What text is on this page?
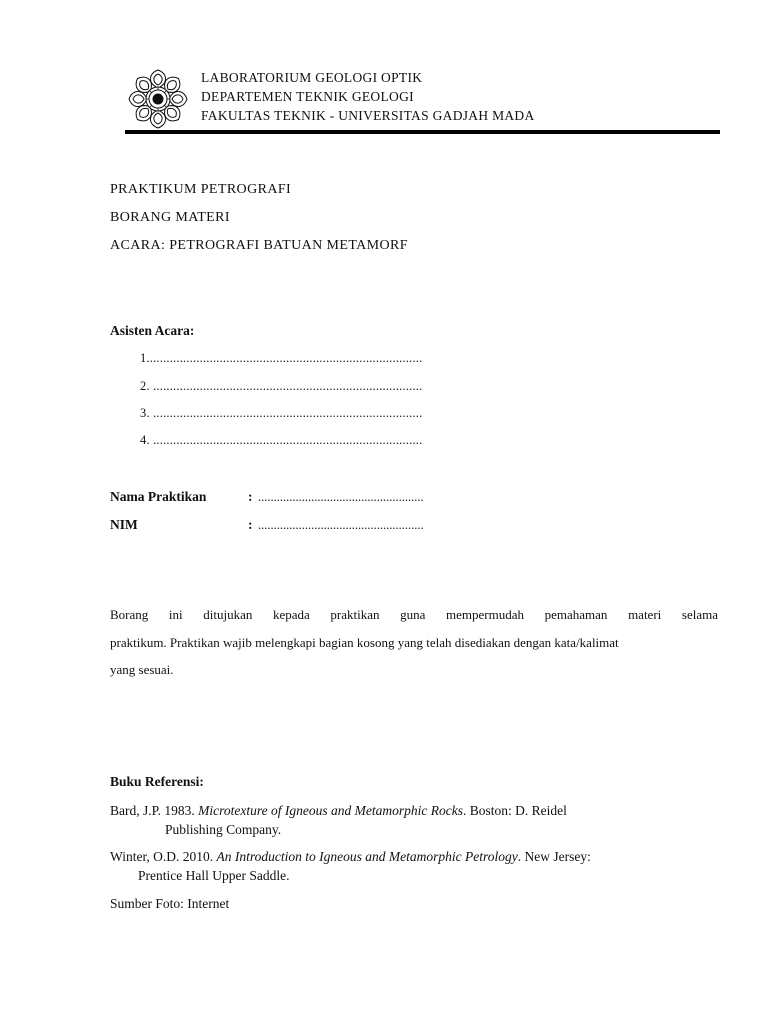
LABORATORIUM GEOLOGI OPTIK
DEPARTEMEN TEKNIK GEOLOGI
FAKULTAS TEKNIK - UNIVERSITAS GADJAH MADA
PRAKTIKUM PETROGRAFI
BORANG MATERI
ACARA: PETROGRAFI BATUAN METAMORF
Asisten Acara:
1...................................................................................
2. .................................................................................
3. .................................................................................
4. .................................................................................
Nama Praktikan	: .....................................................
NIM	: .....................................................
Borang ini ditujukan kepada praktikan guna mempermudah pemahaman materi selama
praktikum. Praktikan wajib melengkapi bagian kosong yang telah disediakan dengan kata/kalimat
yang sesuai.
Buku Referensi:
Bard, J.P. 1983. Microtexture of Igneous and Metamorphic Rocks. Boston: D. Reidel
Publishing Company.
Winter, O.D. 2010. An Introduction to Igneous and Metamorphic Petrology. New Jersey:
Prentice Hall Upper Saddle.
Sumber Foto: Internet
